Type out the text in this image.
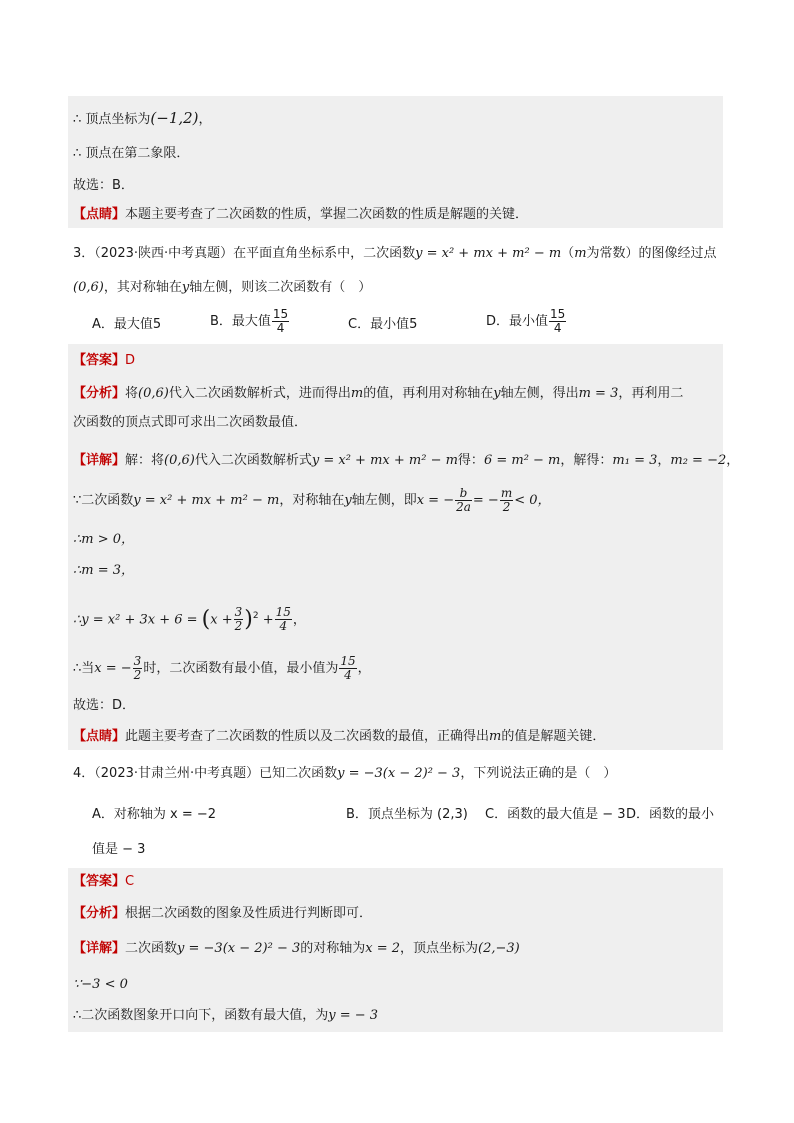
∴ 顶点坐标为(−1,2)，
∴ 顶点在第二象限．
故选：B．
【点睛】本题主要考查了二次函数的性质，掌握二次函数的性质是解题的关键．
3．（2023·陕西·中考真题）在平面直角坐标系中，二次函数y = x² + mx + m² − m（m为常数）的图像经过点
(0,6)，其对称轴在y轴左侧，则该二次函数有（　）
A．最大值5	B．最大值 $\frac{15}{4}$	C．最小值5	D．最小值 $\frac{15}{4}$
【答案】D
【分析】将(0,6)代入二次函数解析式，进而得出m的值，再利用对称轴在y轴左侧，得出m = 3，再利用二
次函数的顶点式即可求出二次函数最值．
【详解】解：将(0,6)代入二次函数解析式y = x² + mx + m² − m得：6 = m² − m，解得：m₁ = 3，m₂ = −2，
∵二次函数y = x² + mx + m² − m，对称轴在y轴左侧，即x = − $\frac{b}{2a}$ = − $\frac{m}{2} < 0$，
∴m > 0，
∴m = 3，
∴y = $x^2 + 3x + 6 = (x + \frac{3}{2} )^2 + \frac{15}{4}$ ，
∴当x = − $\frac{3}{2}$ 时，二次函数有最小值，最小值为 $\frac{15}{4}$ ，
故选：D．
【点睛】此题主要考查了二次函数的性质以及二次函数的最值，正确得出m的值是解题关键．
4．（2023·甘肃兰州·中考真题）已知二次函数y = −3(x − 2)² − 3，下列说法正确的是（　）
A．对称轴为 x = −2	B．顶点坐标为 (2,3) C．函数的最大值是 − 3 D．函数的最小
值是 − 3
【答案】C
【分析】根据二次函数的图象及性质进行判断即可．
【详解】二次函数y = −3(x − 2)² − 3的对称轴为x = 2，顶点坐标为(2,−3)
∵−3 < 0
∴二次函数图象开口向下，函数有最大值，为y = − 3
